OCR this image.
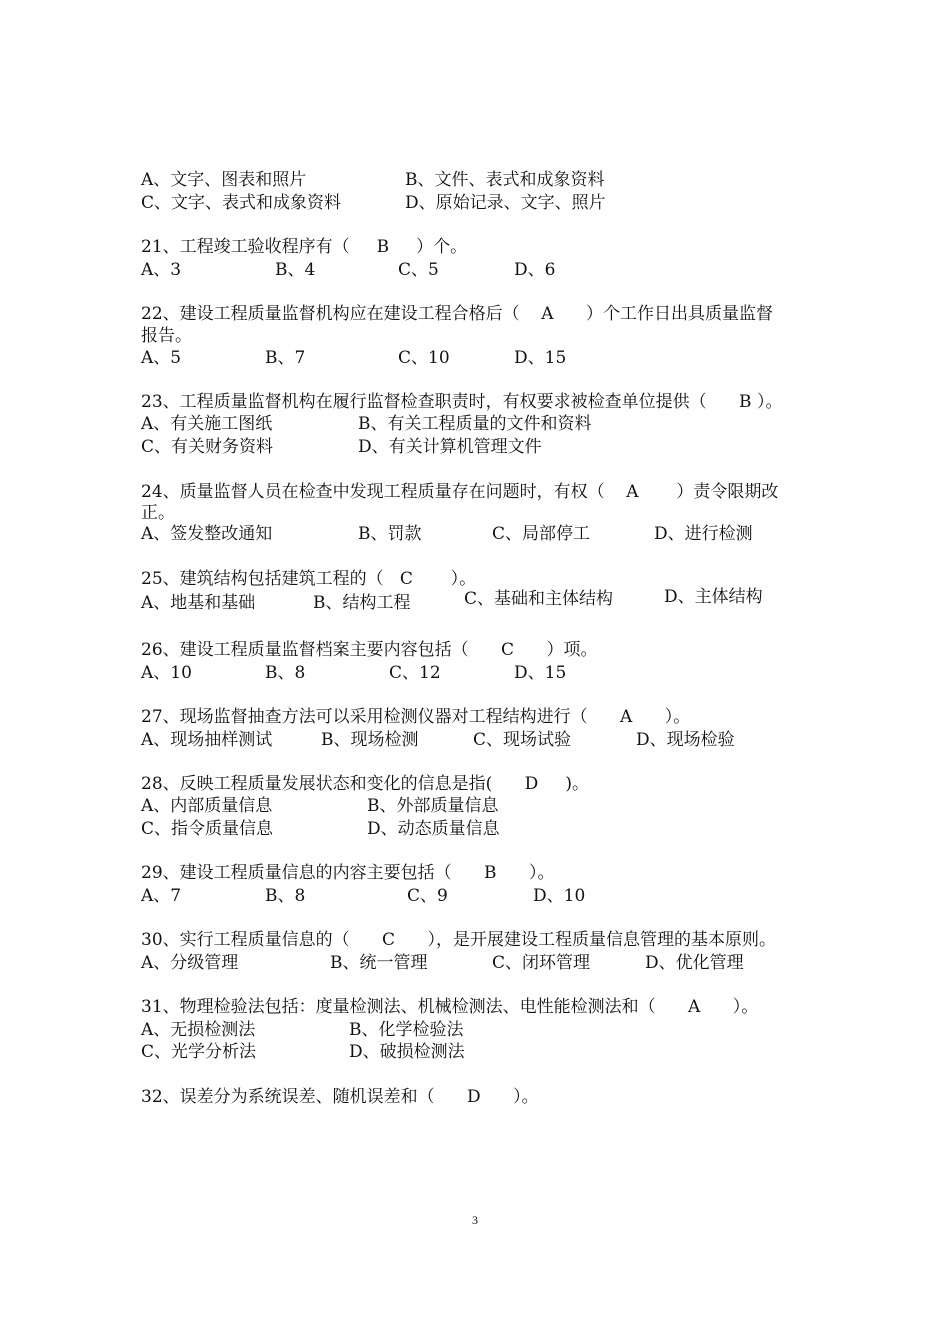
A、文字、图表和照片	B、文件、表式和成象资料
C、文字、表式和成象资料	D、原始记录、文字、照片
21、工程竣工验收程序有（     B     ）个。
A、3	B、4	C、5	D、6
22、建设工程质量监督机构应在建设工程合格后（    A      ）个工作日出具质量监督
报告。
A、5	B、7	C、10	D、15
23、工程质量监督机构在履行监督检查职责时，有权要求被检查单位提供（      B ）。
A、有关施工图纸	B、有关工程质量的文件和资料
C、有关财务资料	D、有关计算机管理文件
24、质量监督人员在检查中发现工程质量存在问题时，有权（    A       ）责令限期改
正。
A、签发整改通知	B、罚款	C、局部停工	D、进行检测
25、建筑结构包括建筑工程的（   C       ）。
A、地基和基础	B、结构工程	C、基础和主体结构	D、主体结构
26、建设工程质量监督档案主要内容包括（      C      ）项。
A、10	B、8	C、12	D、15
27、现场监督抽查方法可以采用检测仪器对工程结构进行（      A      ）。
A、现场抽样测试	B、现场检测	C、现场试验	D、现场检验
28、反映工程质量发展状态和变化的信息是指(      D     )。
A、内部质量信息	B、外部质量信息
C、指令质量信息	D、动态质量信息
29、建设工程质量信息的内容主要包括（      B      ）。
A、7	B、8	C、9	D、10
30、实行工程质量信息的（      C      ），是开展建设工程质量信息管理的基本原则。
A、分级管理	B、统一管理	C、闭环管理	D、优化管理
31、物理检验法包括：度量检测法、机械检测法、电性能检测法和（      A      ）。
A、无损检测法	B、化学检验法
C、光学分析法	D、破损检测法
32、误差分为系统误差、随机误差和（      D      ）。
3
